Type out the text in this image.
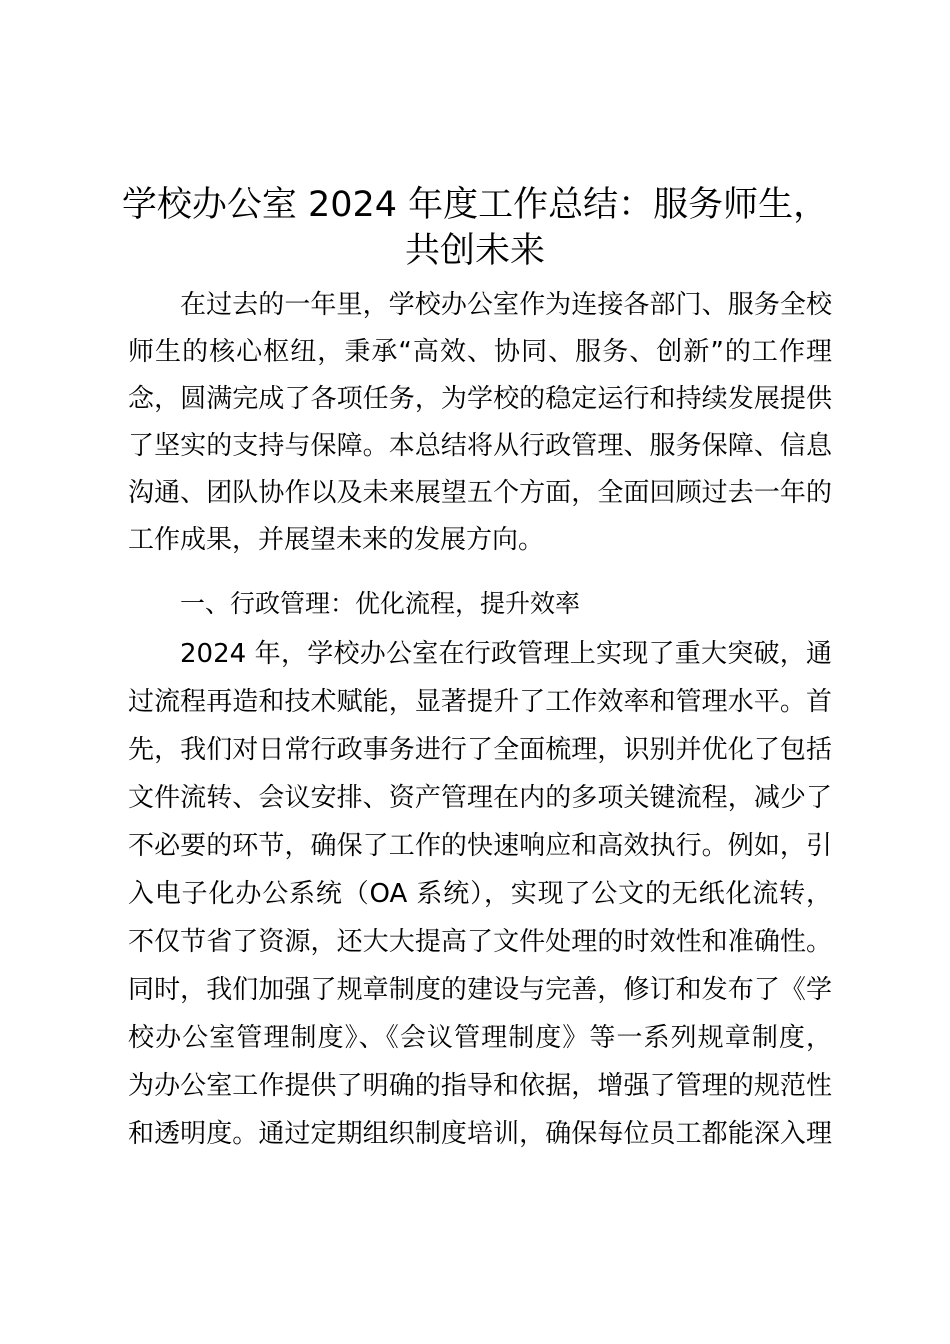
学校办公室 2024 年度工作总结：服务师生，
共创未来
在过去的一年里，学校办公室作为连接各部门、服务全校
师生的核心枢纽，秉承“高效、协同、服务、创新”的工作理
念，圆满完成了各项任务，为学校的稳定运行和持续发展提供
了坚实的支持与保障。本总结将从行政管理、服务保障、信息
沟通、团队协作以及未来展望五个方面，全面回顾过去一年的
工作成果，并展望未来的发展方向。
一、行政管理：优化流程，提升效率
2024 年，学校办公室在行政管理上实现了重大突破，通
过流程再造和技术赋能，显著提升了工作效率和管理水平。首
先，我们对日常行政事务进行了全面梳理，识别并优化了包括
文件流转、会议安排、资产管理在内的多项关键流程，减少了
不必要的环节，确保了工作的快速响应和高效执行。例如，引
入电子化办公系统（OA 系统），实现了公文的无纸化流转，
不仅节省了资源，还大大提高了文件处理的时效性和准确性。
同时，我们加强了规章制度的建设与完善，修订和发布了《学
校办公室管理制度》、《会议管理制度》等一系列规章制度，
为办公室工作提供了明确的指导和依据，增强了管理的规范性
和透明度。通过定期组织制度培训，确保每位员工都能深入理
